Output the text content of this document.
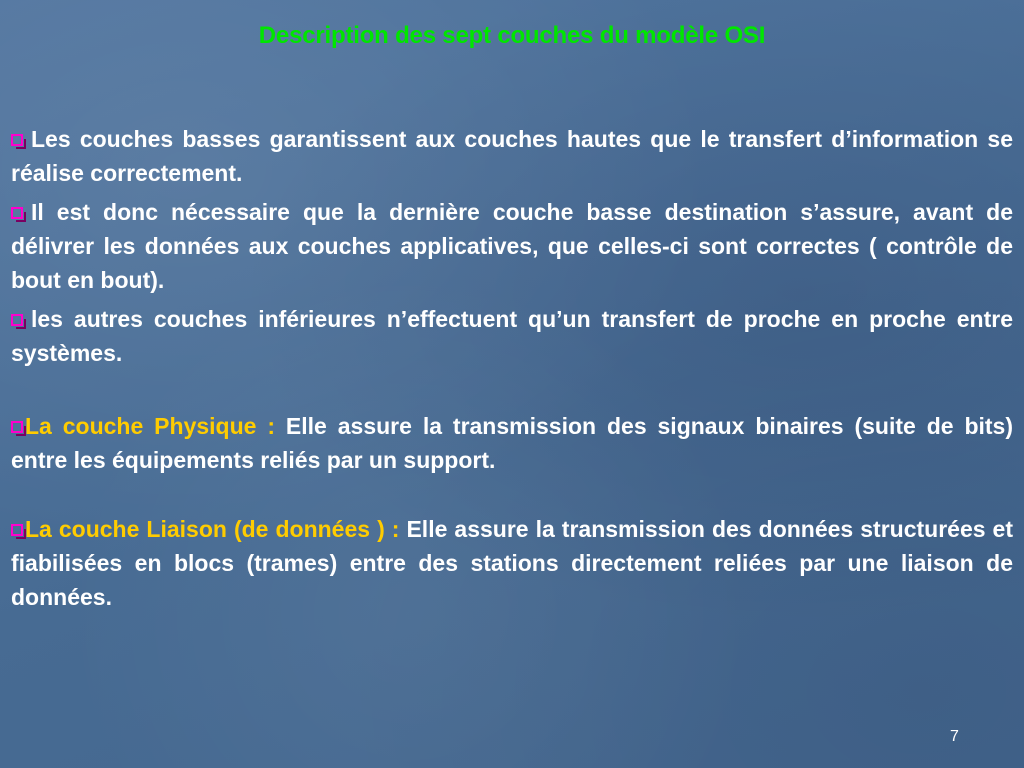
Description des sept couches du modèle OSI

Les couches basses garantissent aux couches hautes que le transfert d’information se réalise correctement.

Il est donc nécessaire que la dernière couche basse destination s’assure, avant de délivrer les données aux couches applicatives, que celles-ci sont correctes ( contrôle de bout en bout).

les autres couches inférieures n’effectuent qu’un transfert de proche en proche entre systèmes.

La couche Physique : Elle assure la transmission des signaux binaires (suite de bits) entre les équipements reliés par un support.

La couche Liaison (de données ) : Elle assure la transmission des données structurées et fiabilisées en blocs (trames) entre des stations directement reliées par une liaison de données.

7
